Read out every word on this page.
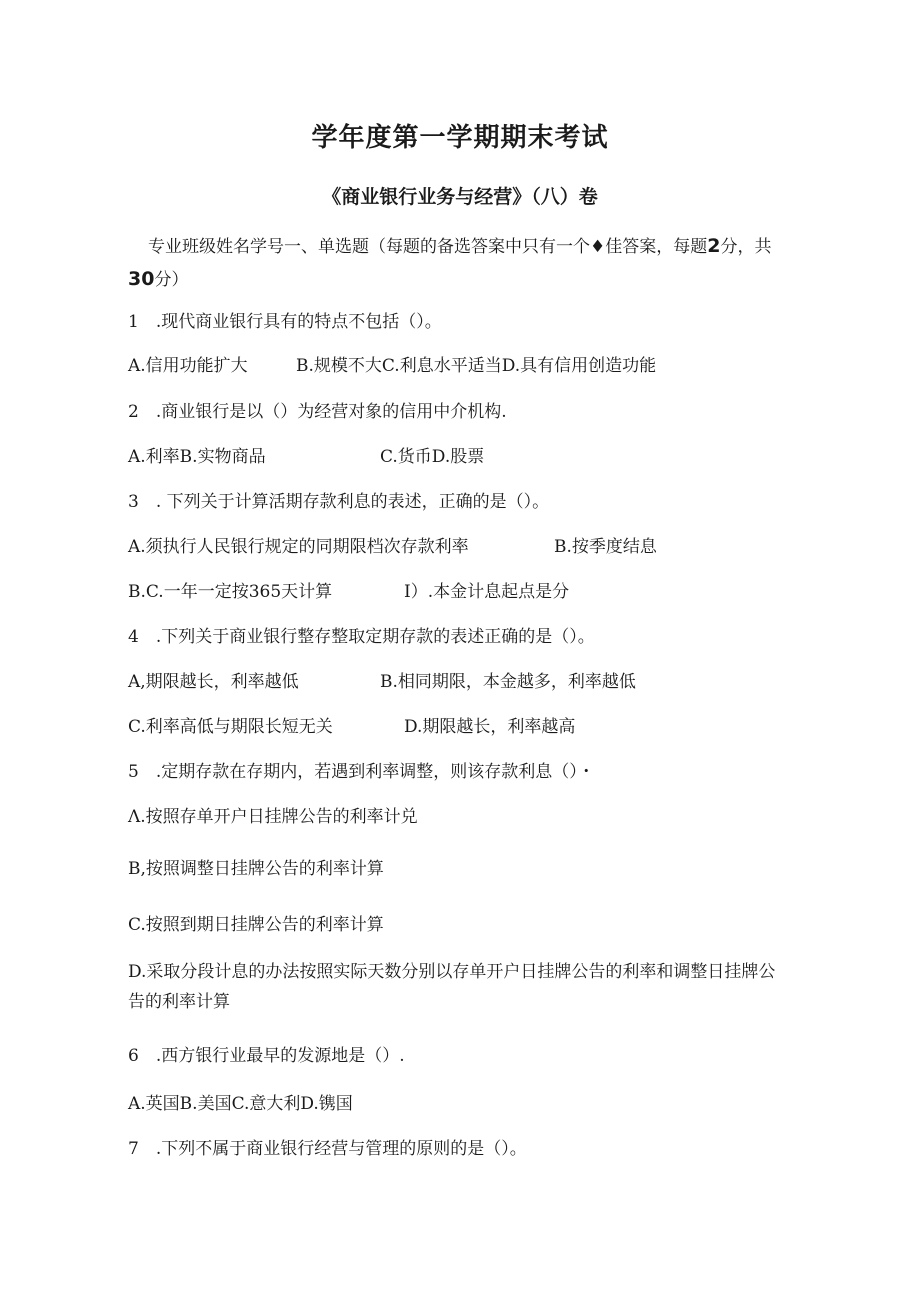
学年度第一学期期末考试
《商业银行业务与经营》（八）卷
专业班级姓名学号一、单选题（每题的备选答案中只有一个♦佳答案，每题2分，共30分）
1　.现代商业银行具有的特点不包括（）。
A.信用功能扩大	B.规模不大C.利息水平适当D.具有信用创造功能
2　.商业银行是以（）为经营对象的信用中介机构.
A.利率B.实物商品	C.货币D.股票
3　. 下列关于计算活期存款利息的表述，正确的是（）。
A.须执行人民银行规定的同期限档次存款利率	B.按季度结息
B.C.一年一定按365天计算	I）.本金计息起点是分
4　.下列关于商业银行整存整取定期存款的表述正确的是（）。
A,期限越长，利率越低	B.相同期限，本金越多，利率越低
C.利率高低与期限长短无关	D.期限越长，利率越高
5　.定期存款在存期内，若遇到利率调整，则该存款利息（）・
Λ.按照存单开户日挂牌公告的利率计兑
B,按照调整日挂牌公告的利率计算
C.按照到期日挂牌公告的利率计算
D.采取分段计息的办法按照实际天数分别以存单开户日挂牌公告的利率和调整日挂牌公告的利率计算
6　.西方银行业最早的发源地是（）.
A.英国B.美国C.意大利D.镌国
7　.下列不属于商业银行经营与管理的原则的是（）。
